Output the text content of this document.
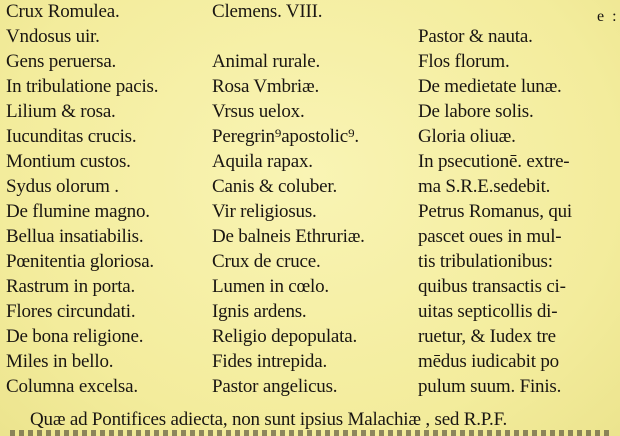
Crux Romulea.
Vndosus uir.
Gens peruersa.
In tribulatione pacis.
Lilium & rosa.
Iucunditas crucis.
Montium custos.
Sydus olorum .
De flumine magno.
Bellua insatiabilis.
Pœnitentia gloriosa.
Rastrum in porta.
Flores circundati.
De bona religione.
Miles in bello.
Columna excelsa.
Clemens. VIII.
Animal rurale.
Rosa Vmbriæ.
Vrsus uelox.
Peregrin⁹apostolic⁹.
Aquila rapax.
Canis & coluber.
Vir religiosus.
De balneis Ethruriæ.
Crux de cruce.
Lumen in cœlo.
Ignis ardens.
Religio depopulata.
Fides intrepida.
Pastor angelicus.
Pastor & nauta.
Flos florum.
De medietate lunæ.
De labore solis.
Gloria oliuæ.
In psecutionē. extre-
ma S.R.E.sedebit.
Petrus Romanus, qui
pascet oues in mul-
tis tribulationibus:
quibus transactis ci-
uitas septicollis di-
ruetur, & Iudex tre
mēdus iudicabit po
pulum suum. Finis.
e :
Quæ ad Pontifices adiecta, non sunt ipsius Malachiæ , sed R.P.F.
